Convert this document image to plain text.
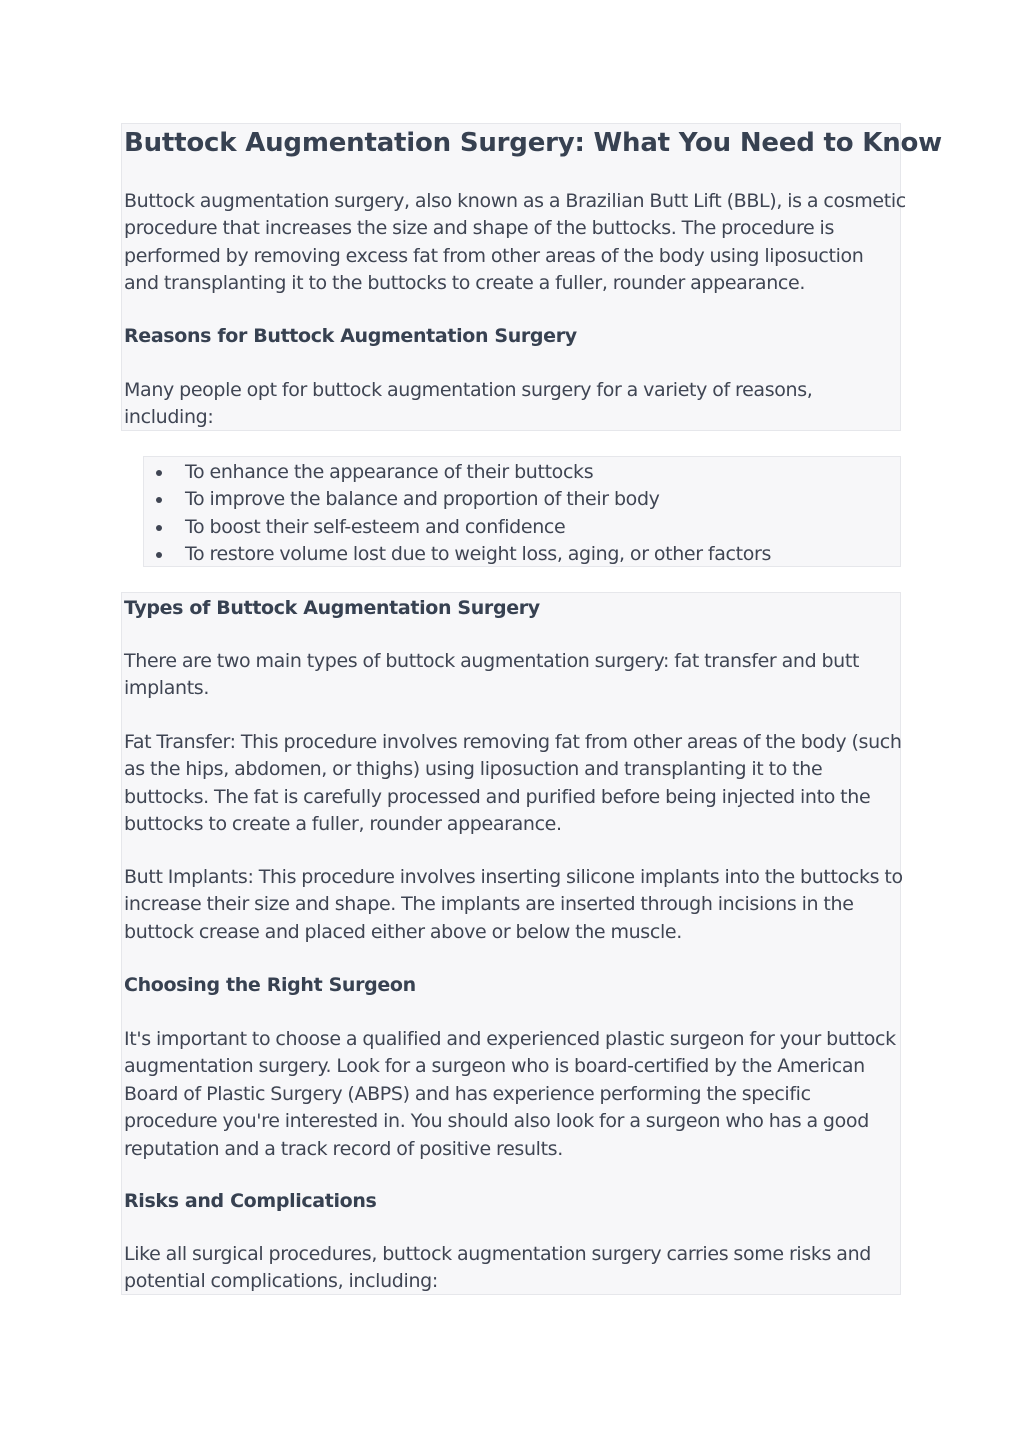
Buttock Augmentation Surgery: What You Need to Know

Buttock augmentation surgery, also known as a Brazilian Butt Lift (BBL), is a cosmetic
procedure that increases the size and shape of the buttocks. The procedure is
performed by removing excess fat from other areas of the body using liposuction
and transplanting it to the buttocks to create a fuller, rounder appearance.

Reasons for Buttock Augmentation Surgery

Many people opt for buttock augmentation surgery for a variety of reasons,
including:

To enhance the appearance of their buttocks
To improve the balance and proportion of their body
To boost their self-esteem and confidence
To restore volume lost due to weight loss, aging, or other factors
Types of Buttock Augmentation Surgery

There are two main types of buttock augmentation surgery: fat transfer and butt
implants.

Fat Transfer: This procedure involves removing fat from other areas of the body (such
as the hips, abdomen, or thighs) using liposuction and transplanting it to the
buttocks. The fat is carefully processed and purified before being injected into the
buttocks to create a fuller, rounder appearance.

Butt Implants: This procedure involves inserting silicone implants into the buttocks to
increase their size and shape. The implants are inserted through incisions in the
buttock crease and placed either above or below the muscle.

Choosing the Right Surgeon

It's important to choose a qualified and experienced plastic surgeon for your buttock
augmentation surgery. Look for a surgeon who is board-certified by the American
Board of Plastic Surgery (ABPS) and has experience performing the specific
procedure you're interested in. You should also look for a surgeon who has a good
reputation and a track record of positive results.

Risks and Complications

Like all surgical procedures, buttock augmentation surgery carries some risks and
potential complications, including:
